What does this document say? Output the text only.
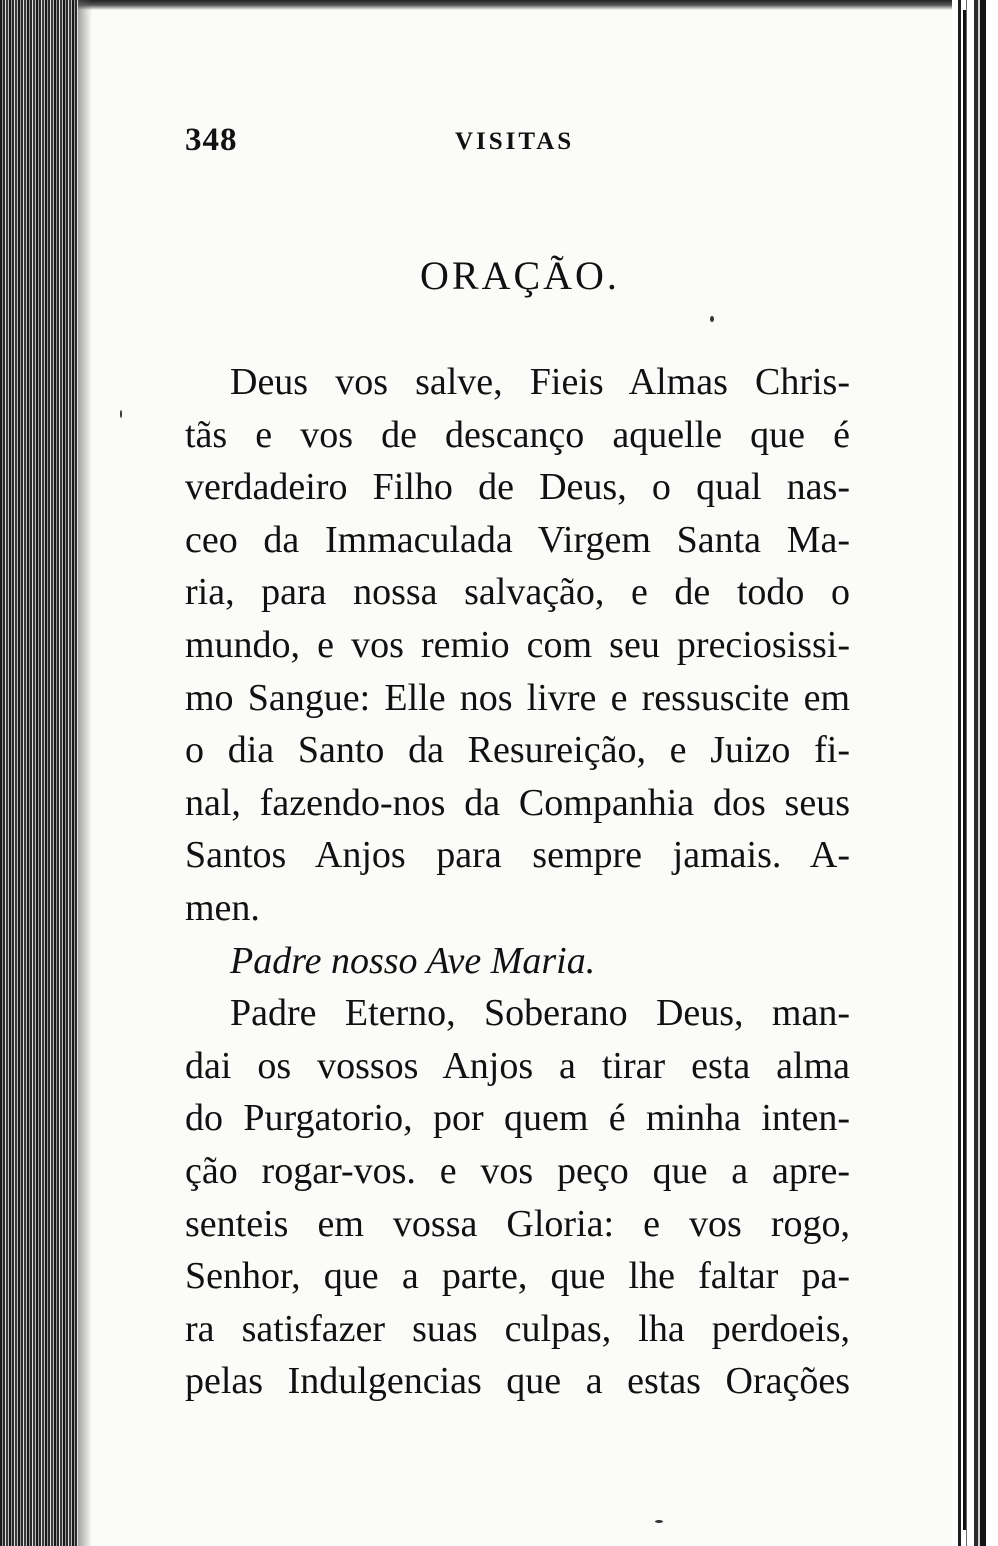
348	VISITAS
ORAÇÃO.
Deus vos salve, Fieis Almas Chris-
tãs e vos de descanço aquelle que é
verdadeiro Filho de Deus, o qual nas-
ceo da Immaculada Virgem Santa Ma-
ria, para nossa salvação, e de todo o
mundo, e vos remio com seu preciosissi-
mo Sangue: Elle nos livre e ressuscite em
o dia Santo da Resureição, e Juizo fi-
nal, fazendo-nos da Companhia dos seus
Santos Anjos para sempre jamais. A-
men.
Padre nosso Ave Maria.
Padre Eterno, Soberano Deus, man-
dai os vossos Anjos a tirar esta alma
do Purgatorio, por quem é minha inten-
ção rogar-vos. e vos peço que a apre-
senteis em vossa Gloria: e vos rogo,
Senhor, que a parte, que lhe faltar pa-
ra satisfazer suas culpas, lha perdoeis,
pelas Indulgencias que a estas Orações
